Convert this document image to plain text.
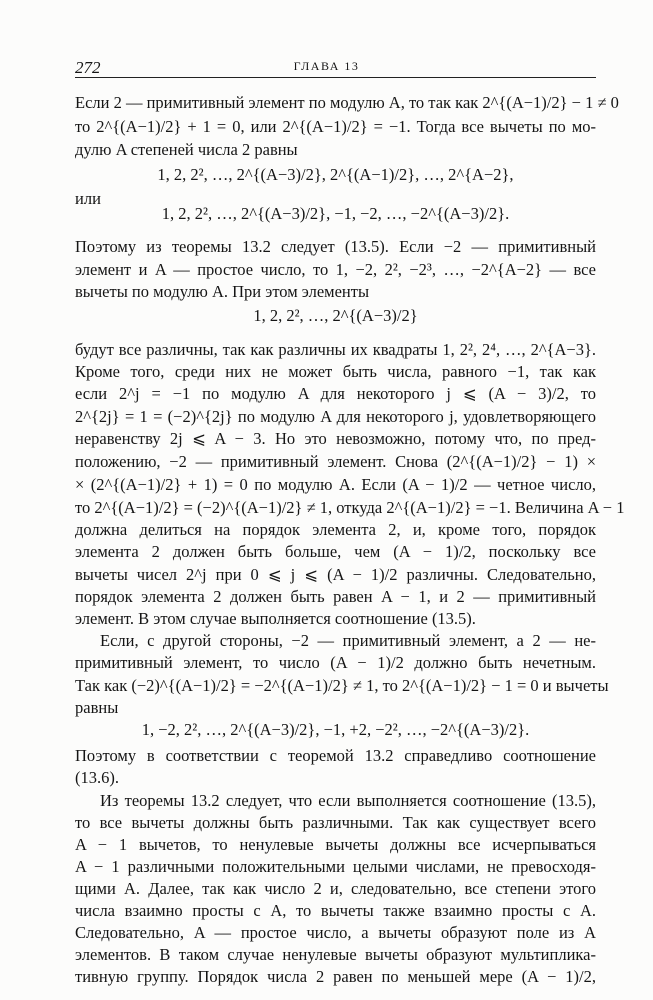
272	ГЛАВА 13
Если 2 — примитивный элемент по модулю A, то так как 2^{(A−1)/2} − 1 ≠ 0
то 2^{(A−1)/2} + 1 = 0, или 2^{(A−1)/2} = −1. Тогда все вычеты по мо-
дулю A степеней числа 2 равны
1, 2, 2², …, 2^{(A−3)/2}, 2^{(A−1)/2}, …, 2^{A−2},
или
1, 2, 2², …, 2^{(A−3)/2}, −1, −2, …, −2^{(A−3)/2}.
Поэтому из теоремы 13.2 следует (13.5). Если −2 — примитивный
элемент и A — простое число, то 1, −2, 2², −2³, …, −2^{A−2} — все
вычеты по модулю A. При этом элементы
1, 2, 2², …, 2^{(A−3)/2}
будут все различны, так как различны их квадраты 1, 2², 2⁴, …, 2^{A−3}.
Кроме того, среди них не может быть числа, равного −1, так как
если 2^j = −1 по модулю A для некоторого j ⩽ (A − 3)/2, то
2^{2j} = 1 = (−2)^{2j} по модулю A для некоторого j, удовлетворяющего
неравенству 2j ⩽ A − 3. Но это невозможно, потому что, по пред-
положению, −2 — примитивный элемент. Снова (2^{(A−1)/2} − 1) ×
× (2^{(A−1)/2} + 1) = 0 по модулю A. Если (A − 1)/2 — четное число,
то 2^{(A−1)/2} = (−2)^{(A−1)/2} ≠ 1, откуда 2^{(A−1)/2} = −1. Величина A − 1
должна делиться на порядок элемента 2, и, кроме того, порядок
элемента 2 должен быть больше, чем (A − 1)/2, поскольку все
вычеты чисел 2^j при 0 ⩽ j ⩽ (A − 1)/2 различны. Следовательно,
порядок элемента 2 должен быть равен A − 1, и 2 — примитивный
элемент. В этом случае выполняется соотношение (13.5).
Если, с другой стороны, −2 — примитивный элемент, а 2 — не-
примитивный элемент, то число (A − 1)/2 должно быть нечетным.
Так как (−2)^{(A−1)/2} = −2^{(A−1)/2} ≠ 1, то 2^{(A−1)/2} − 1 = 0 и вычеты
равны
1, −2, 2², …, 2^{(A−3)/2}, −1, +2, −2², …, −2^{(A−3)/2}.
Поэтому в соответствии с теоремой 13.2 справедливо соотношение
(13.6).
Из теоремы 13.2 следует, что если выполняется соотношение (13.5),
то все вычеты должны быть различными. Так как существует всего
A − 1 вычетов, то ненулевые вычеты должны все исчерпываться
A − 1 различными положительными целыми числами, не превосходя-
щими A. Далее, так как число 2 и, следовательно, все степени этого
числа взаимно просты с A, то вычеты также взаимно просты с A.
Следовательно, A — простое число, а вычеты образуют поле из A
элементов. В таком случае ненулевые вычеты образуют мультиплика-
тивную группу. Порядок числа 2 равен по меньшей мере (A − 1)/2,
